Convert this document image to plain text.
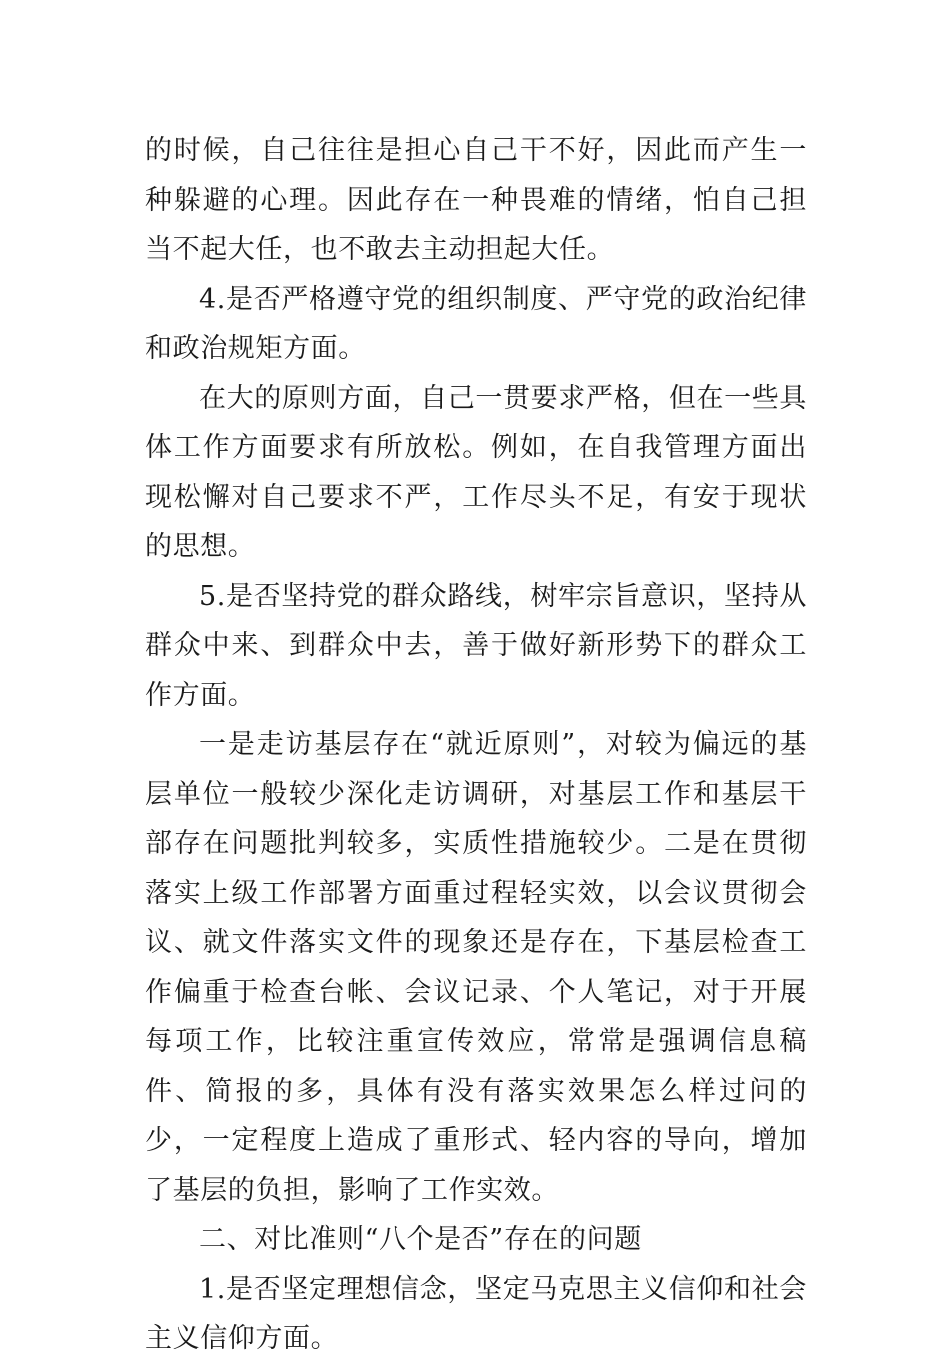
的时候，自己往往是担心自己干不好，因此而产生一种躲避的心理。因此存在一种畏难的情绪，怕自己担当不起大任，也不敢去主动担起大任。

4.是否严格遵守党的组织制度、严守党的政治纪律和政治规矩方面。

在大的原则方面，自己一贯要求严格，但在一些具体工作方面要求有所放松。例如，在自我管理方面出现松懈对自己要求不严，工作尽头不足，有安于现状的思想。

5.是否坚持党的群众路线，树牢宗旨意识，坚持从群众中来、到群众中去，善于做好新形势下的群众工作方面。

一是走访基层存在“就近原则”，对较为偏远的基层单位一般较少深化走访调研，对基层工作和基层干部存在问题批判较多，实质性措施较少。二是在贯彻落实上级工作部署方面重过程轻实效，以会议贯彻会议、就文件落实文件的现象还是存在，下基层检查工作偏重于检查台帐、会议记录、个人笔记，对于开展每项工作，比较注重宣传效应，常常是强调信息稿件、简报的多，具体有没有落实效果怎么样过问的少，一定程度上造成了重形式、轻内容的导向，增加了基层的负担，影响了工作实效。

二、对比准则“八个是否”存在的问题

1.是否坚定理想信念，坚定马克思主义信仰和社会主义信仰方面。
